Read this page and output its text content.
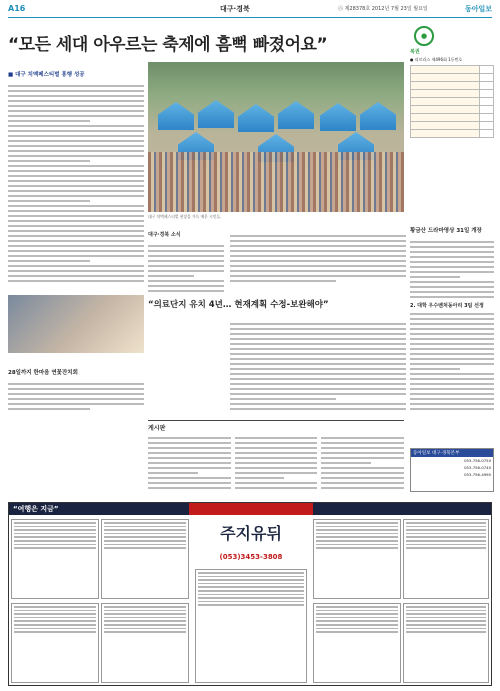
A16	대구·경북	㊅ 제28378호 2012년 7월 23일 월요일	동아일보
“모든 세대 아우르는 축제에 흠뻑 빠졌어요”
■ 대구 치맥페스티벌 흥행 성공
대구 치맥페스티벌 현장을 가득 메운 시민들.
●
복권
● 리브라스 제496회 1등번호

대구·경북 소식
황금산 드라마영상 31일 개장
2. 대학 우수벤처동아리 3팀 선정
“의료단지 유치 4년… 현재계획 수정-보완해야”
28일까지 한마음 연꽃잔치회
게시판
동아일보 대구·경북본부
053-756-0750
053-756-0740
053-756-4990
“여행은 지금”
주지유뒤
(053)3453-3808
